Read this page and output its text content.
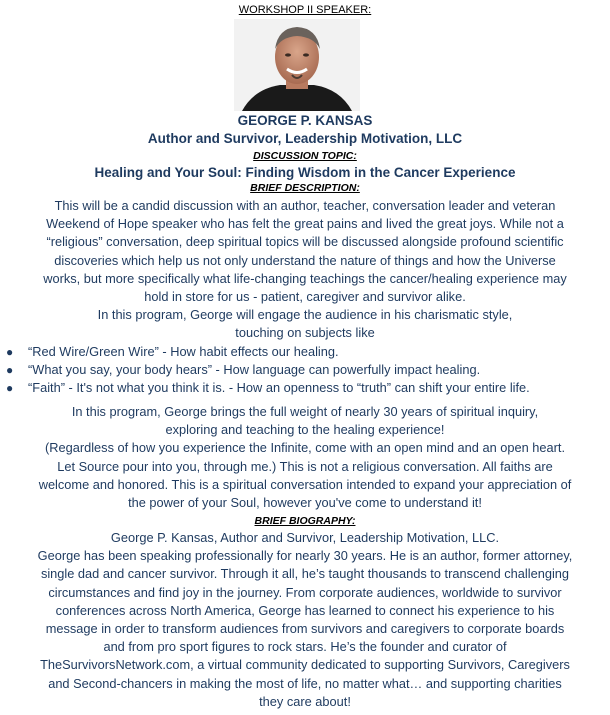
WORKSHOP II SPEAKER:
GEORGE P. KANSAS
Author and Survivor, Leadership Motivation, LLC
DISCUSSION TOPIC:
Healing and Your Soul: Finding Wisdom in the Cancer Experience
BRIEF DESCRIPTION:
This will be a candid discussion with an author, teacher, conversation leader and veteran
Weekend of Hope speaker who has felt the great pains and lived the great joys. While not a
“religious” conversation, deep spiritual topics will be discussed alongside profound scientific
discoveries which help us not only understand the nature of things and how the Universe
works, but more specifically what life-changing teachings the cancer/healing experience may
hold in store for us - patient, caregiver and survivor alike.
In this program, George will engage the audience in his charismatic style,
touching on subjects like
● “Red Wire/Green Wire” - How habit effects our healing.
● “What you say, your body hears” - How language can powerfully impact healing.
● “Faith” - It's not what you think it is. - How an openness to “truth” can shift your entire life.
In this program, George brings the full weight of nearly 30 years of spiritual inquiry,
exploring and teaching to the healing experience!
(Regardless of how you experience the Infinite, come with an open mind and an open heart.
Let Source pour into you, through me.) This is not a religious conversation. All faiths are
welcome and honored. This is a spiritual conversation intended to expand your appreciation of
the power of your Soul, however you've come to understand it!
BRIEF BIOGRAPHY:
George P. Kansas, Author and Survivor, Leadership Motivation, LLC.
George has been speaking professionally for nearly 30 years. He is an author, former attorney,
single dad and cancer survivor. Through it all, he’s taught thousands to transcend challenging
circumstances and find joy in the journey. From corporate audiences, worldwide to survivor
conferences across North America, George has learned to connect his experience to his
message in order to transform audiences from survivors and caregivers to corporate boards
and from pro sport figures to rock stars. He’s the founder and curator of
TheSurvivorsNetwork.com, a virtual community dedicated to supporting Survivors, Caregivers
and Second-chancers in making the most of life, no matter what… and supporting charities
they care about!
